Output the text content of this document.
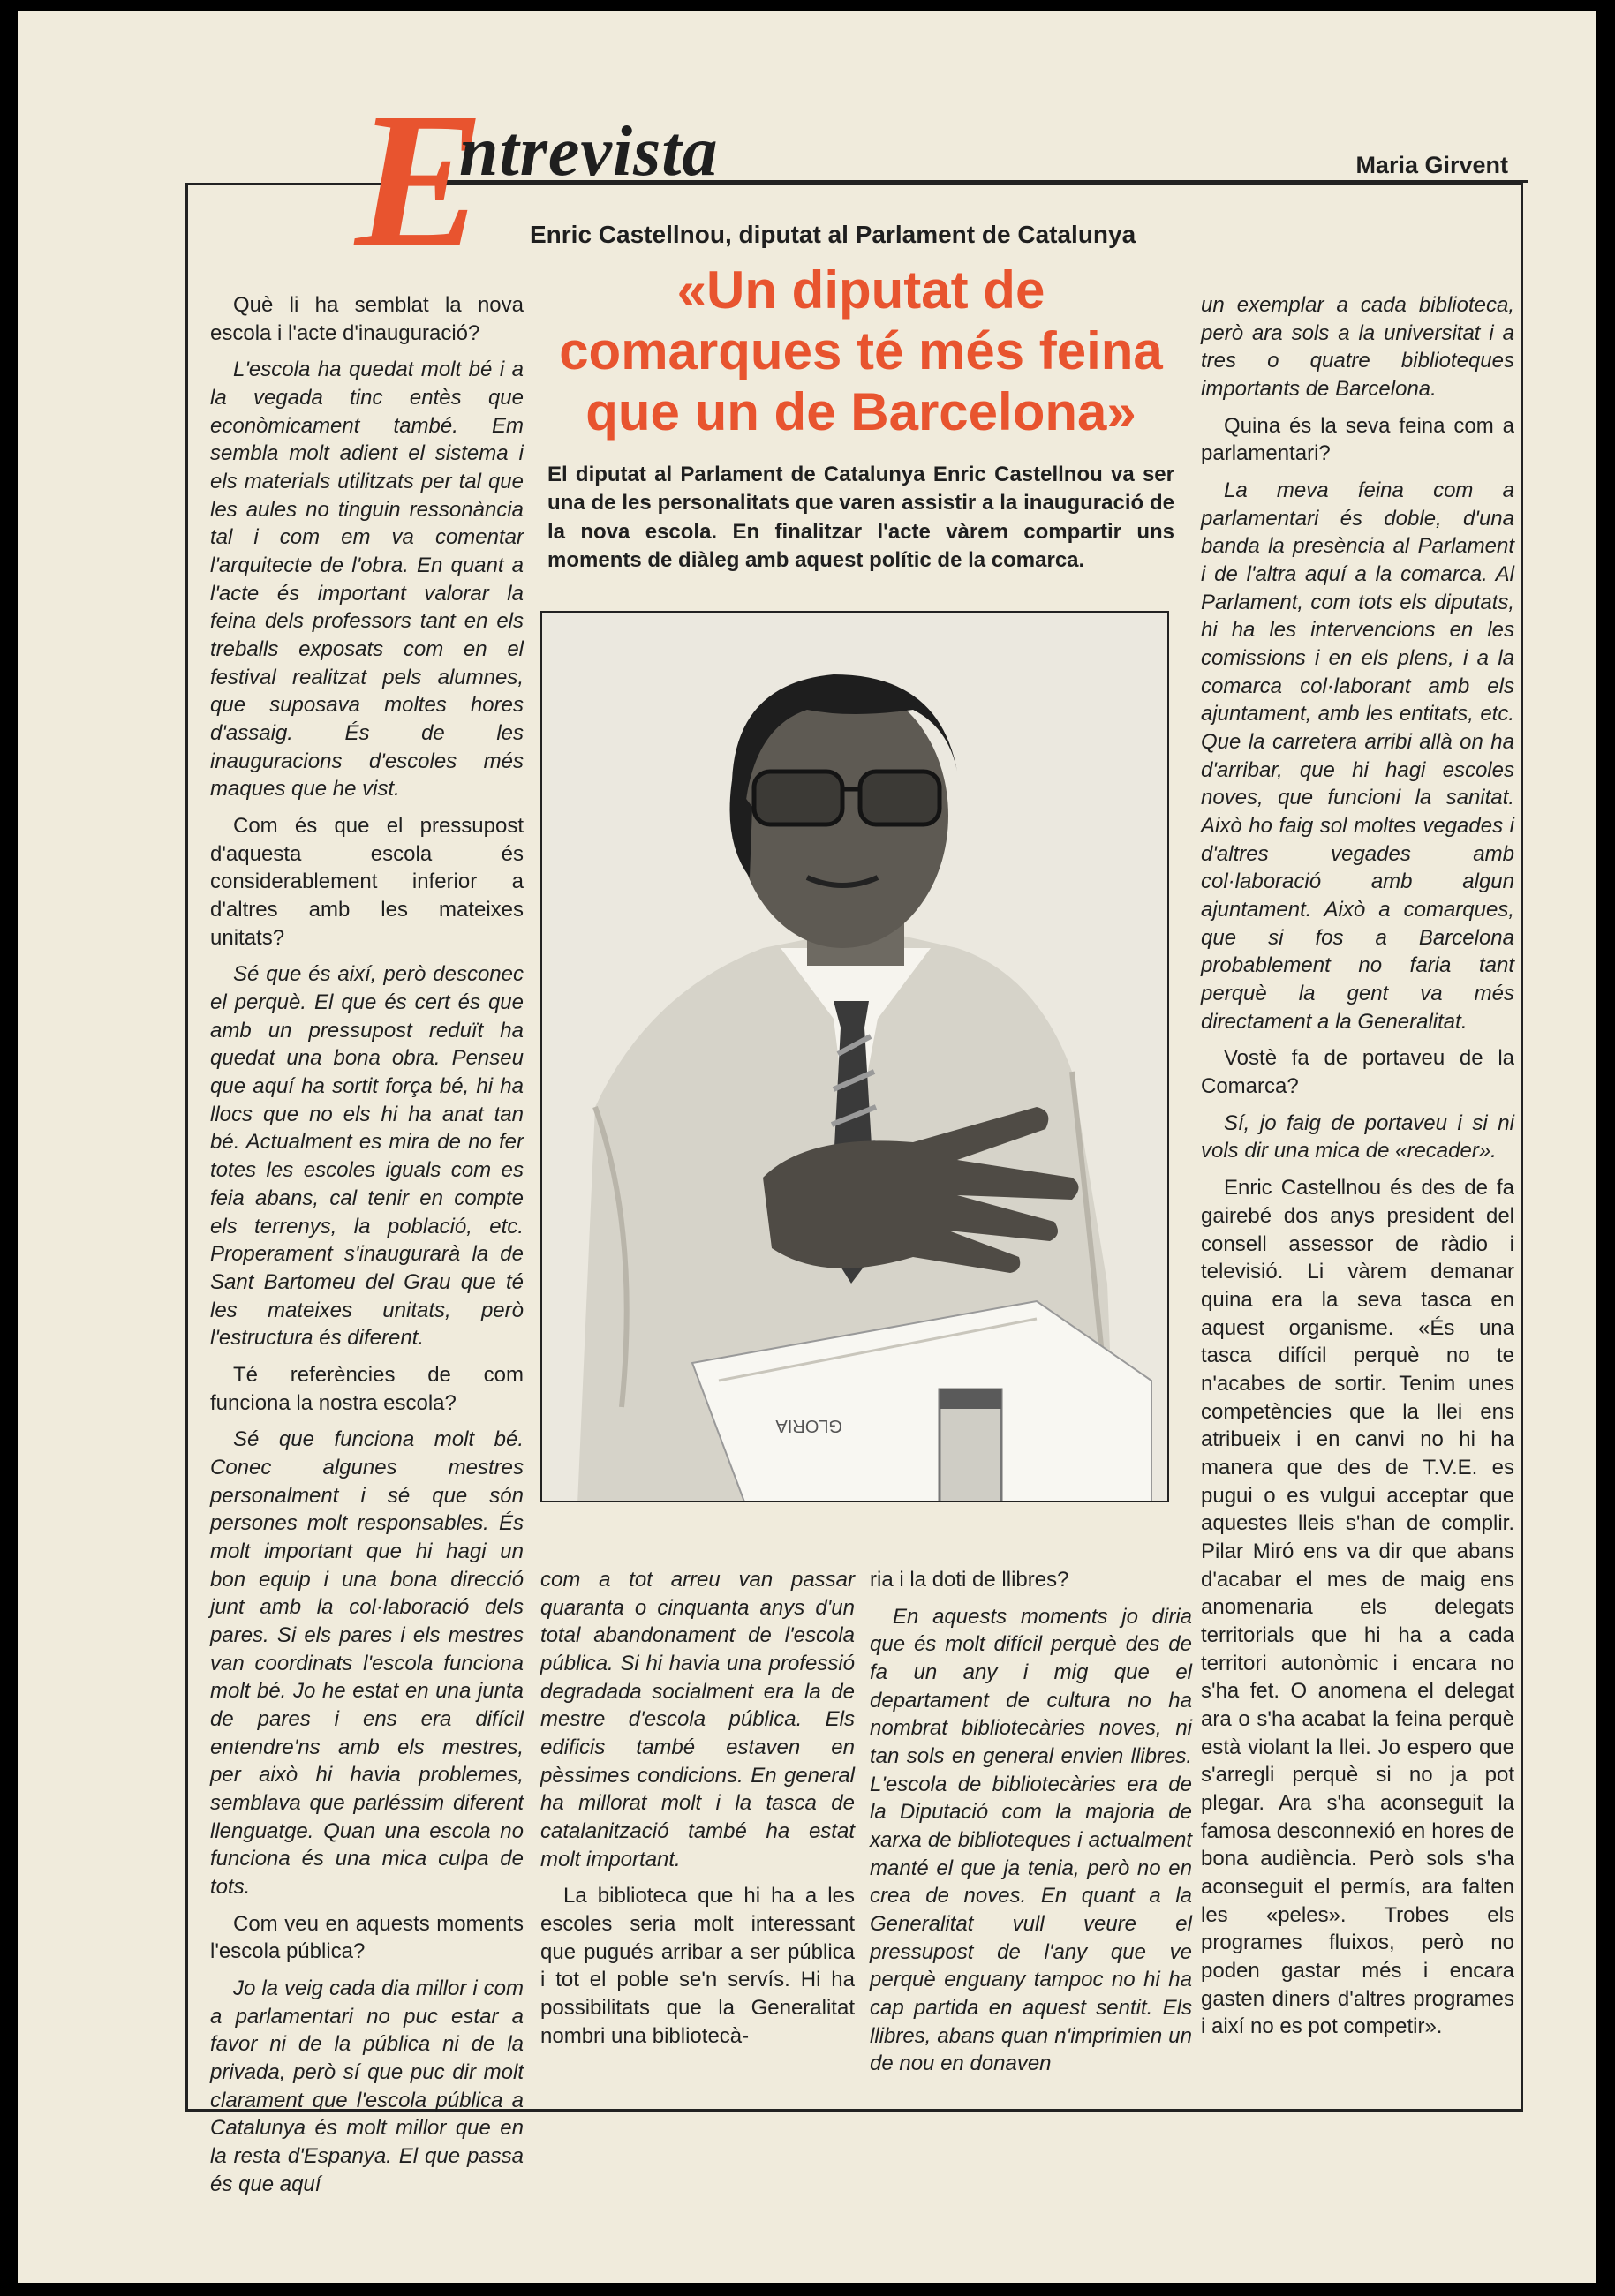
E
ntrevista	Maria Girvent
Enric Castellnou, diputat al Parlament de Catalunya
«Un diputat de comarques té més feina que un de Barcelona»
El diputat al Parlament de Catalunya Enric Castellnou va ser una de les personalitats que varen assistir a la inauguració de la nova escola. En finalitzar l'acte vàrem compartir uns moments de diàleg amb aquest polític de la comarca.
GLORIA

Què li ha semblat la nova escola i l'acte d'inauguració?

L'escola ha quedat molt bé i a la vegada tinc entès que econòmicament també. Em sembla molt adient el sistema i els materials utilitzats per tal que les aules no tinguin ressonància tal i com em va comentar l'arquitecte de l'obra. En quant a l'acte és important valorar la feina dels professors tant en els treballs exposats com en el festival realitzat pels alumnes, que suposava moltes hores d'assaig. És de les inauguracions d'escoles més maques que he vist.

Com és que el pressupost d'aquesta escola és considerablement inferior a d'altres amb les mateixes unitats?

Sé que és així, però desconec el perquè. El que és cert és que amb un pressupost reduït ha quedat una bona obra. Penseu que aquí ha sortit força bé, hi ha llocs que no els hi ha anat tan bé. Actualment es mira de no fer totes les escoles iguals com es feia abans, cal tenir en compte els terrenys, la població, etc. Properament s'inaugurarà la de Sant Bartomeu del Grau que té les mateixes unitats, però l'estructura és diferent.

Té referències de com funciona la nostra escola?

Sé que funciona molt bé. Conec algunes mestres personalment i sé que són persones molt responsables. És molt important que hi hagi un bon equip i una bona direcció junt amb la col·laboració dels pares. Si els pares i els mestres van coordinats l'escola funciona molt bé. Jo he estat en una junta de pares i ens era difícil entendre'ns amb els mestres, per això hi havia problemes, semblava que parléssim diferent llenguatge. Quan una escola no funciona és una mica culpa de tots.

Com veu en aquests moments l'escola pública?

Jo la veig cada dia millor i com a parlamentari no puc estar a favor ni de la pública ni de la privada, però sí que puc dir molt clarament que l'escola pública a Catalunya és molt millor que en la resta d'Espanya. El que passa és que aquí

com a tot arreu van passar quaranta o cinquanta anys d'un total abandonament de l'escola pública. Si hi havia una professió degradada socialment era la de mestre d'escola pública. Els edificis també estaven en pèssimes condicions. En general ha millorat molt i la tasca de catalanització també ha estat molt important.

La biblioteca que hi ha a les escoles seria molt interessant que pugués arribar a ser pública i tot el poble se'n servís. Hi ha possibilitats que la Generalitat nombri una bibliotecà-

ria i la doti de llibres?

En aquests moments jo diria que és molt difícil perquè des de fa un any i mig que el departament de cultura no ha nombrat bibliotecàries noves, ni tan sols en general envien llibres. L'escola de bibliotecàries era de la Diputació com la majoria de xarxa de biblioteques i actualment manté el que ja tenia, però no en crea de noves. En quant a la Generalitat vull veure el pressupost de l'any que ve perquè enguany tampoc no hi ha cap partida en aquest sentit. Els llibres, abans quan n'imprimien un de nou en donaven

un exemplar a cada biblioteca, però ara sols a la universitat i a tres o quatre biblioteques importants de Barcelona.

Quina és la seva feina com a parlamentari?

La meva feina com a parlamentari és doble, d'una banda la presència al Parlament i de l'altra aquí a la comarca. Al Parlament, com tots els diputats, hi ha les intervencions en les comissions i en els plens, i a la comarca col·laborant amb els ajuntament, amb les entitats, etc. Que la carretera arribi allà on ha d'arribar, que hi hagi escoles noves, que funcioni la sanitat. Això ho faig sol moltes vegades i d'altres vegades amb col·laboració amb algun ajuntament. Això a comarques, que si fos a Barcelona probablement no faria tant perquè la gent va més directament a la Generalitat.

Vostè fa de portaveu de la Comarca?

Sí, jo faig de portaveu i si ni vols dir una mica de «recader».

Enric Castellnou és des de fa gairebé dos anys president del consell assessor de ràdio i televisió. Li vàrem demanar quina era la seva tasca en aquest organisme. «És una tasca difícil perquè no te n'acabes de sortir. Tenim unes competències que la llei ens atribueix i en canvi no hi ha manera que des de T.V.E. es pugui o es vulgui acceptar que aquestes lleis s'han de complir. Pilar Miró ens va dir que abans d'acabar el mes de maig ens anomenaria els delegats territorials que hi ha a cada territori autonòmic i encara no s'ha fet. O anomena el delegat ara o s'ha acabat la feina perquè està violant la llei. Jo espero que s'arregli perquè si no ja pot plegar. Ara s'ha aconseguit la famosa desconnexió en hores de bona audiència. Però sols s'ha aconseguit el permís, ara falten les «peles». Trobes els programes fluixos, però no poden gastar més i encara gasten diners d'altres programes i així no es pot competir».
